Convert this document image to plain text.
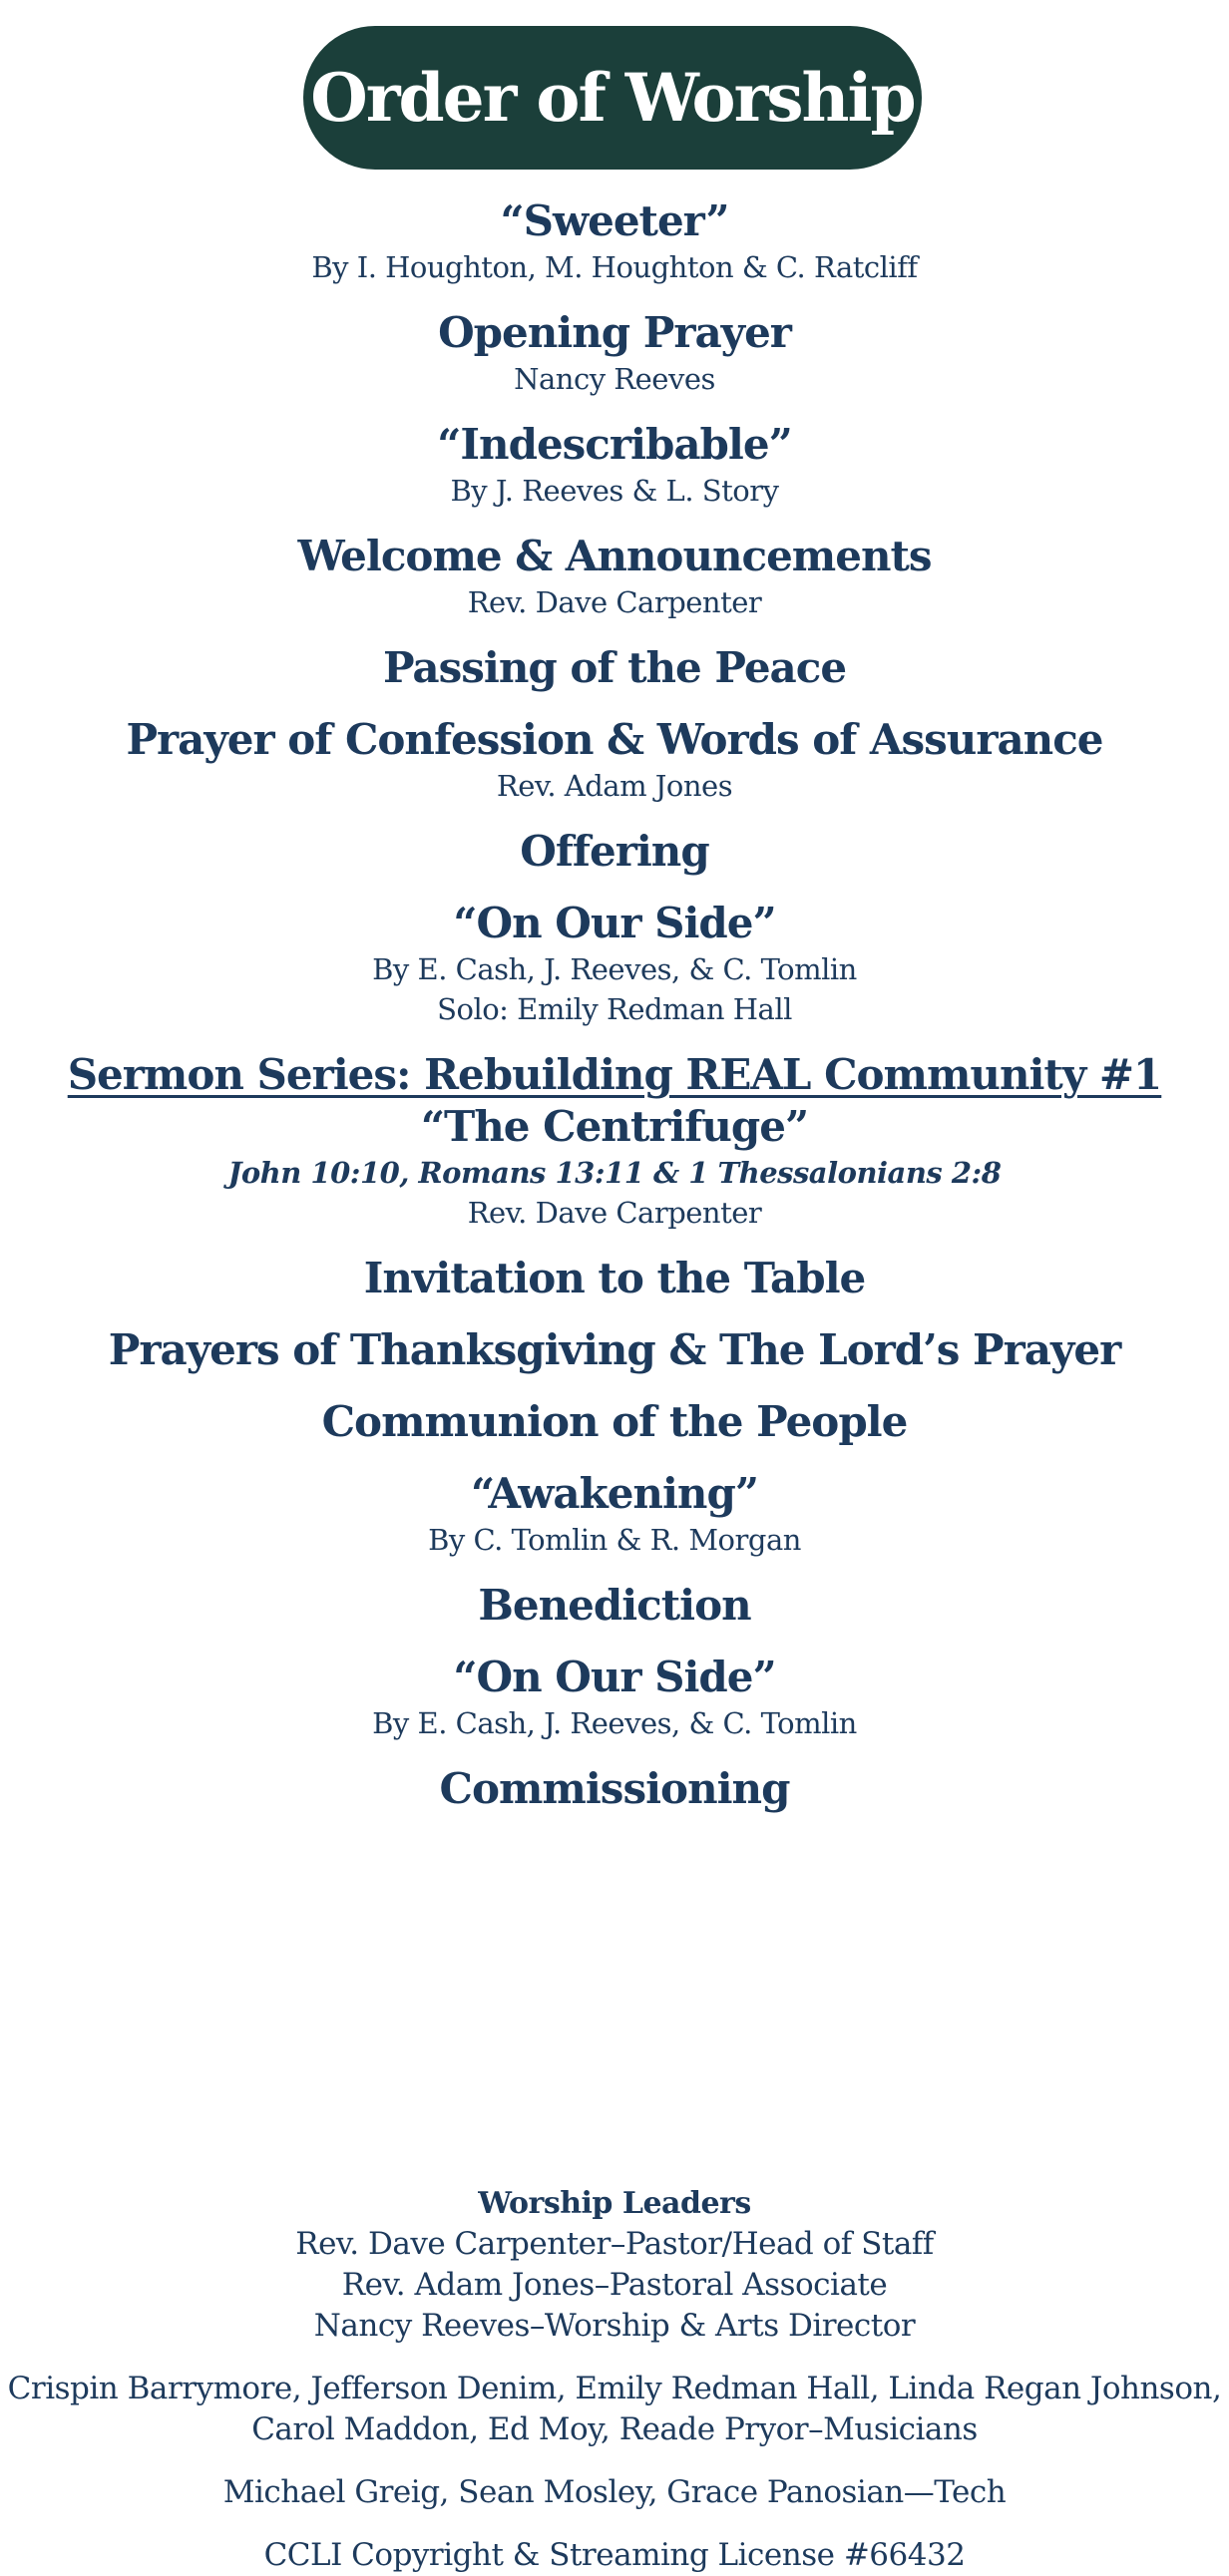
Order of Worship
“Sweeter”
By I. Houghton, M. Houghton & C. Ratcliff
Opening Prayer
Nancy Reeves
“Indescribable”
By J. Reeves & L. Story
Welcome & Announcements
Rev. Dave Carpenter
Passing of the Peace
Prayer of Confession & Words of Assurance
Rev. Adam Jones
Offering
“On Our Side”
By E. Cash, J. Reeves, & C. Tomlin
Solo: Emily Redman Hall
Sermon Series: Rebuilding REAL Community #1
“The Centrifuge”
John 10:10, Romans 13:11 & 1 Thessalonians 2:8
Rev. Dave Carpenter
Invitation to the Table
Prayers of Thanksgiving & The Lord’s Prayer
Communion of the People
“Awakening”
By C. Tomlin & R. Morgan
Benediction
“On Our Side”
By E. Cash, J. Reeves, & C. Tomlin
Commissioning
Worship Leaders
Rev. Dave Carpenter–Pastor/Head of Staff
Rev. Adam Jones–Pastoral Associate
Nancy Reeves–Worship & Arts Director
Crispin Barrymore, Jefferson Denim, Emily Redman Hall, Linda Regan Johnson,
Carol Maddon, Ed Moy, Reade Pryor–Musicians
Michael Greig, Sean Mosley, Grace Panosian—Tech
CCLI Copyright & Streaming License #66432
